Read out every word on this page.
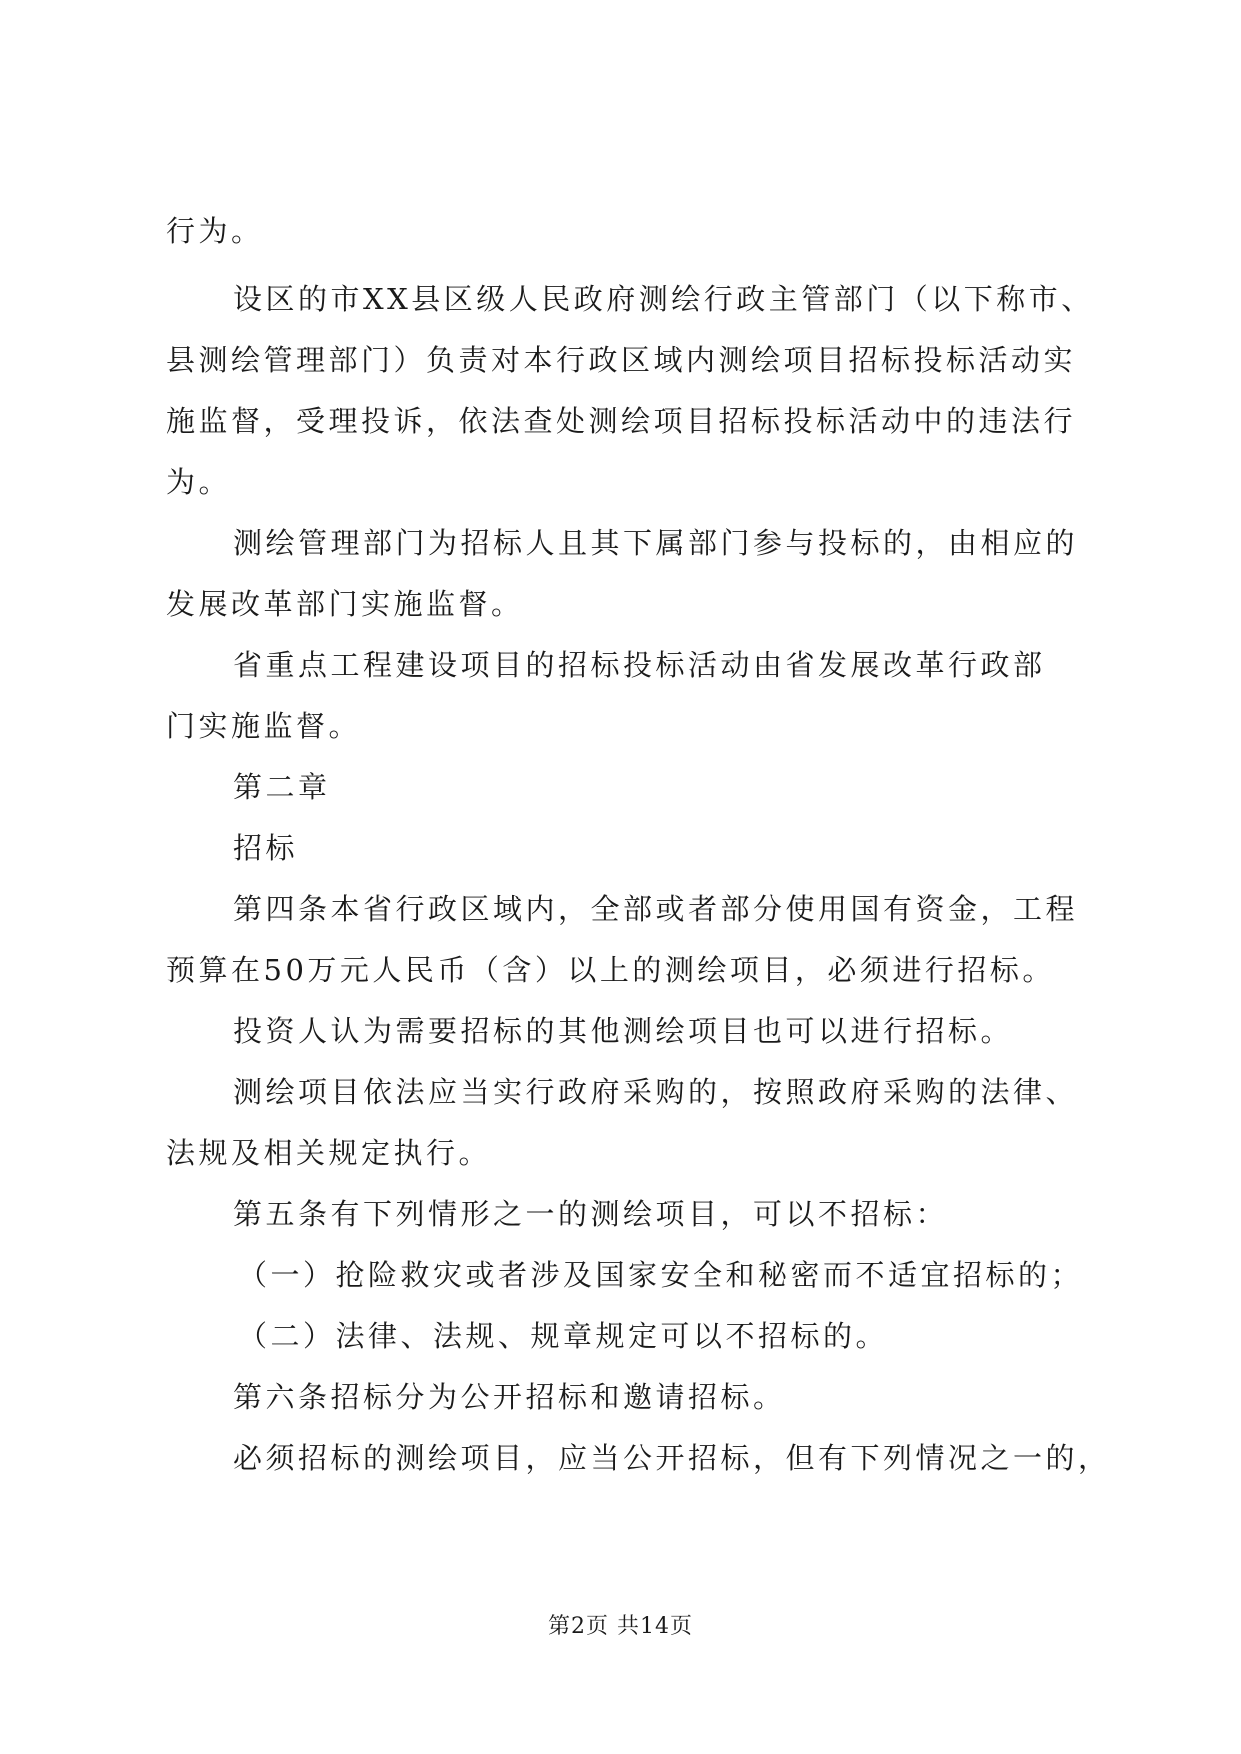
行为。
设区的市XX县区级人民政府测绘行政主管部门（以下称市、
县测绘管理部门）负责对本行政区域内测绘项目招标投标活动实
施监督，受理投诉，依法查处测绘项目招标投标活动中的违法行
为。
测绘管理部门为招标人且其下属部门参与投标的，由相应的
发展改革部门实施监督。
省重点工程建设项目的招标投标活动由省发展改革行政部
门实施监督。
第二章
招标
第四条本省行政区域内，全部或者部分使用国有资金，工程
预算在50万元人民币（含）以上的测绘项目，必须进行招标。
投资人认为需要招标的其他测绘项目也可以进行招标。
测绘项目依法应当实行政府采购的，按照政府采购的法律、
法规及相关规定执行。
第五条有下列情形之一的测绘项目，可以不招标：
（一）抢险救灾或者涉及国家安全和秘密而不适宜招标的；
（二）法律、法规、规章规定可以不招标的。
第六条招标分为公开招标和邀请招标。
必须招标的测绘项目，应当公开招标，但有下列情况之一的，
第2页 共14页
